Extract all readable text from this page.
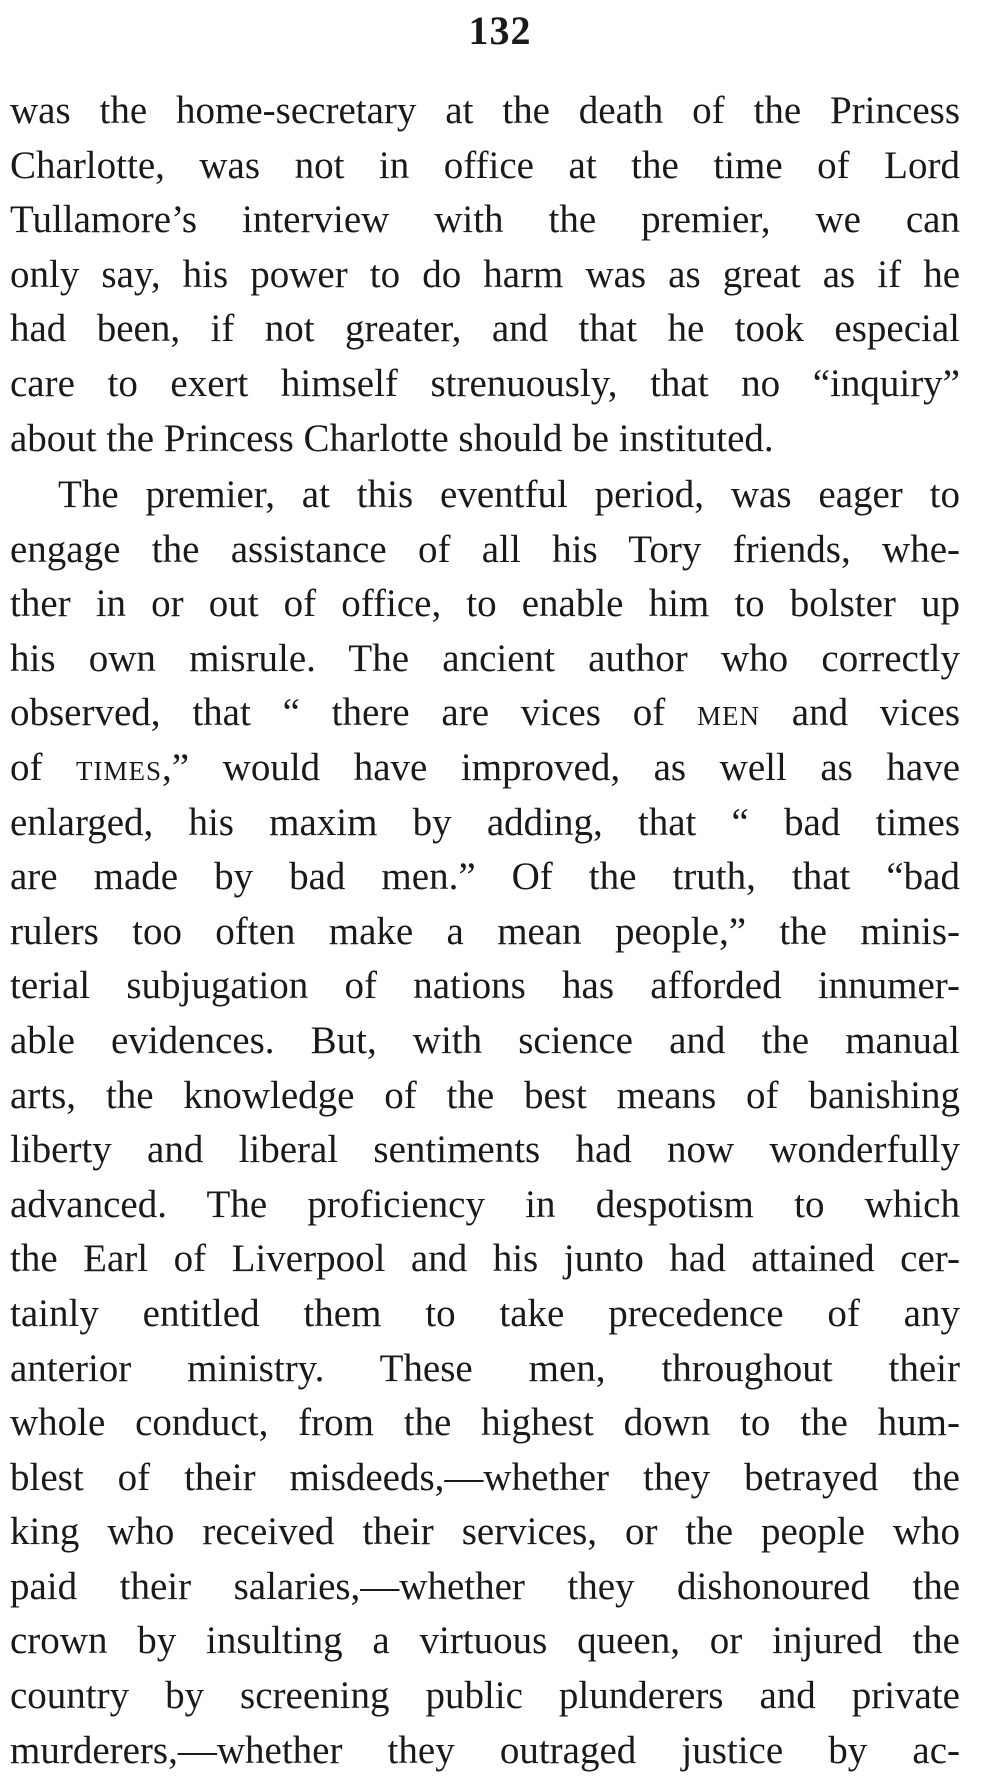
132
was the home-secretary at the death of the Princess
Charlotte, was not in office at the time of Lord
Tullamore’s interview with the premier, we can
only say, his power to do harm was as great as if he
had been, if not greater, and that he took especial
care to exert himself strenuously, that no “inquiry”
about the Princess Charlotte should be instituted.
The premier, at this eventful period, was eager to
engage the assistance of all his Tory friends, whe-
ther in or out of office, to enable him to bolster up
his own misrule. The ancient author who correctly
observed, that “ there are vices of men and vices
of times,” would have improved, as well as have
enlarged, his maxim by adding, that “ bad times
are made by bad men.” Of the truth, that “bad
rulers too often make a mean people,” the minis-
terial subjugation of nations has afforded innumer-
able evidences. But, with science and the manual
arts, the knowledge of the best means of banishing
liberty and liberal sentiments had now wonderfully
advanced. The proficiency in despotism to which
the Earl of Liverpool and his junto had attained cer-
tainly entitled them to take precedence of any
anterior ministry. These men, throughout their
whole conduct, from the highest down to the hum-
blest of their misdeeds,—whether they betrayed the
king who received their services, or the people who
paid their salaries,—whether they dishonoured the
crown by insulting a virtuous queen, or injured the
country by screening public plunderers and private
murderers,—whether they outraged justice by ac-
